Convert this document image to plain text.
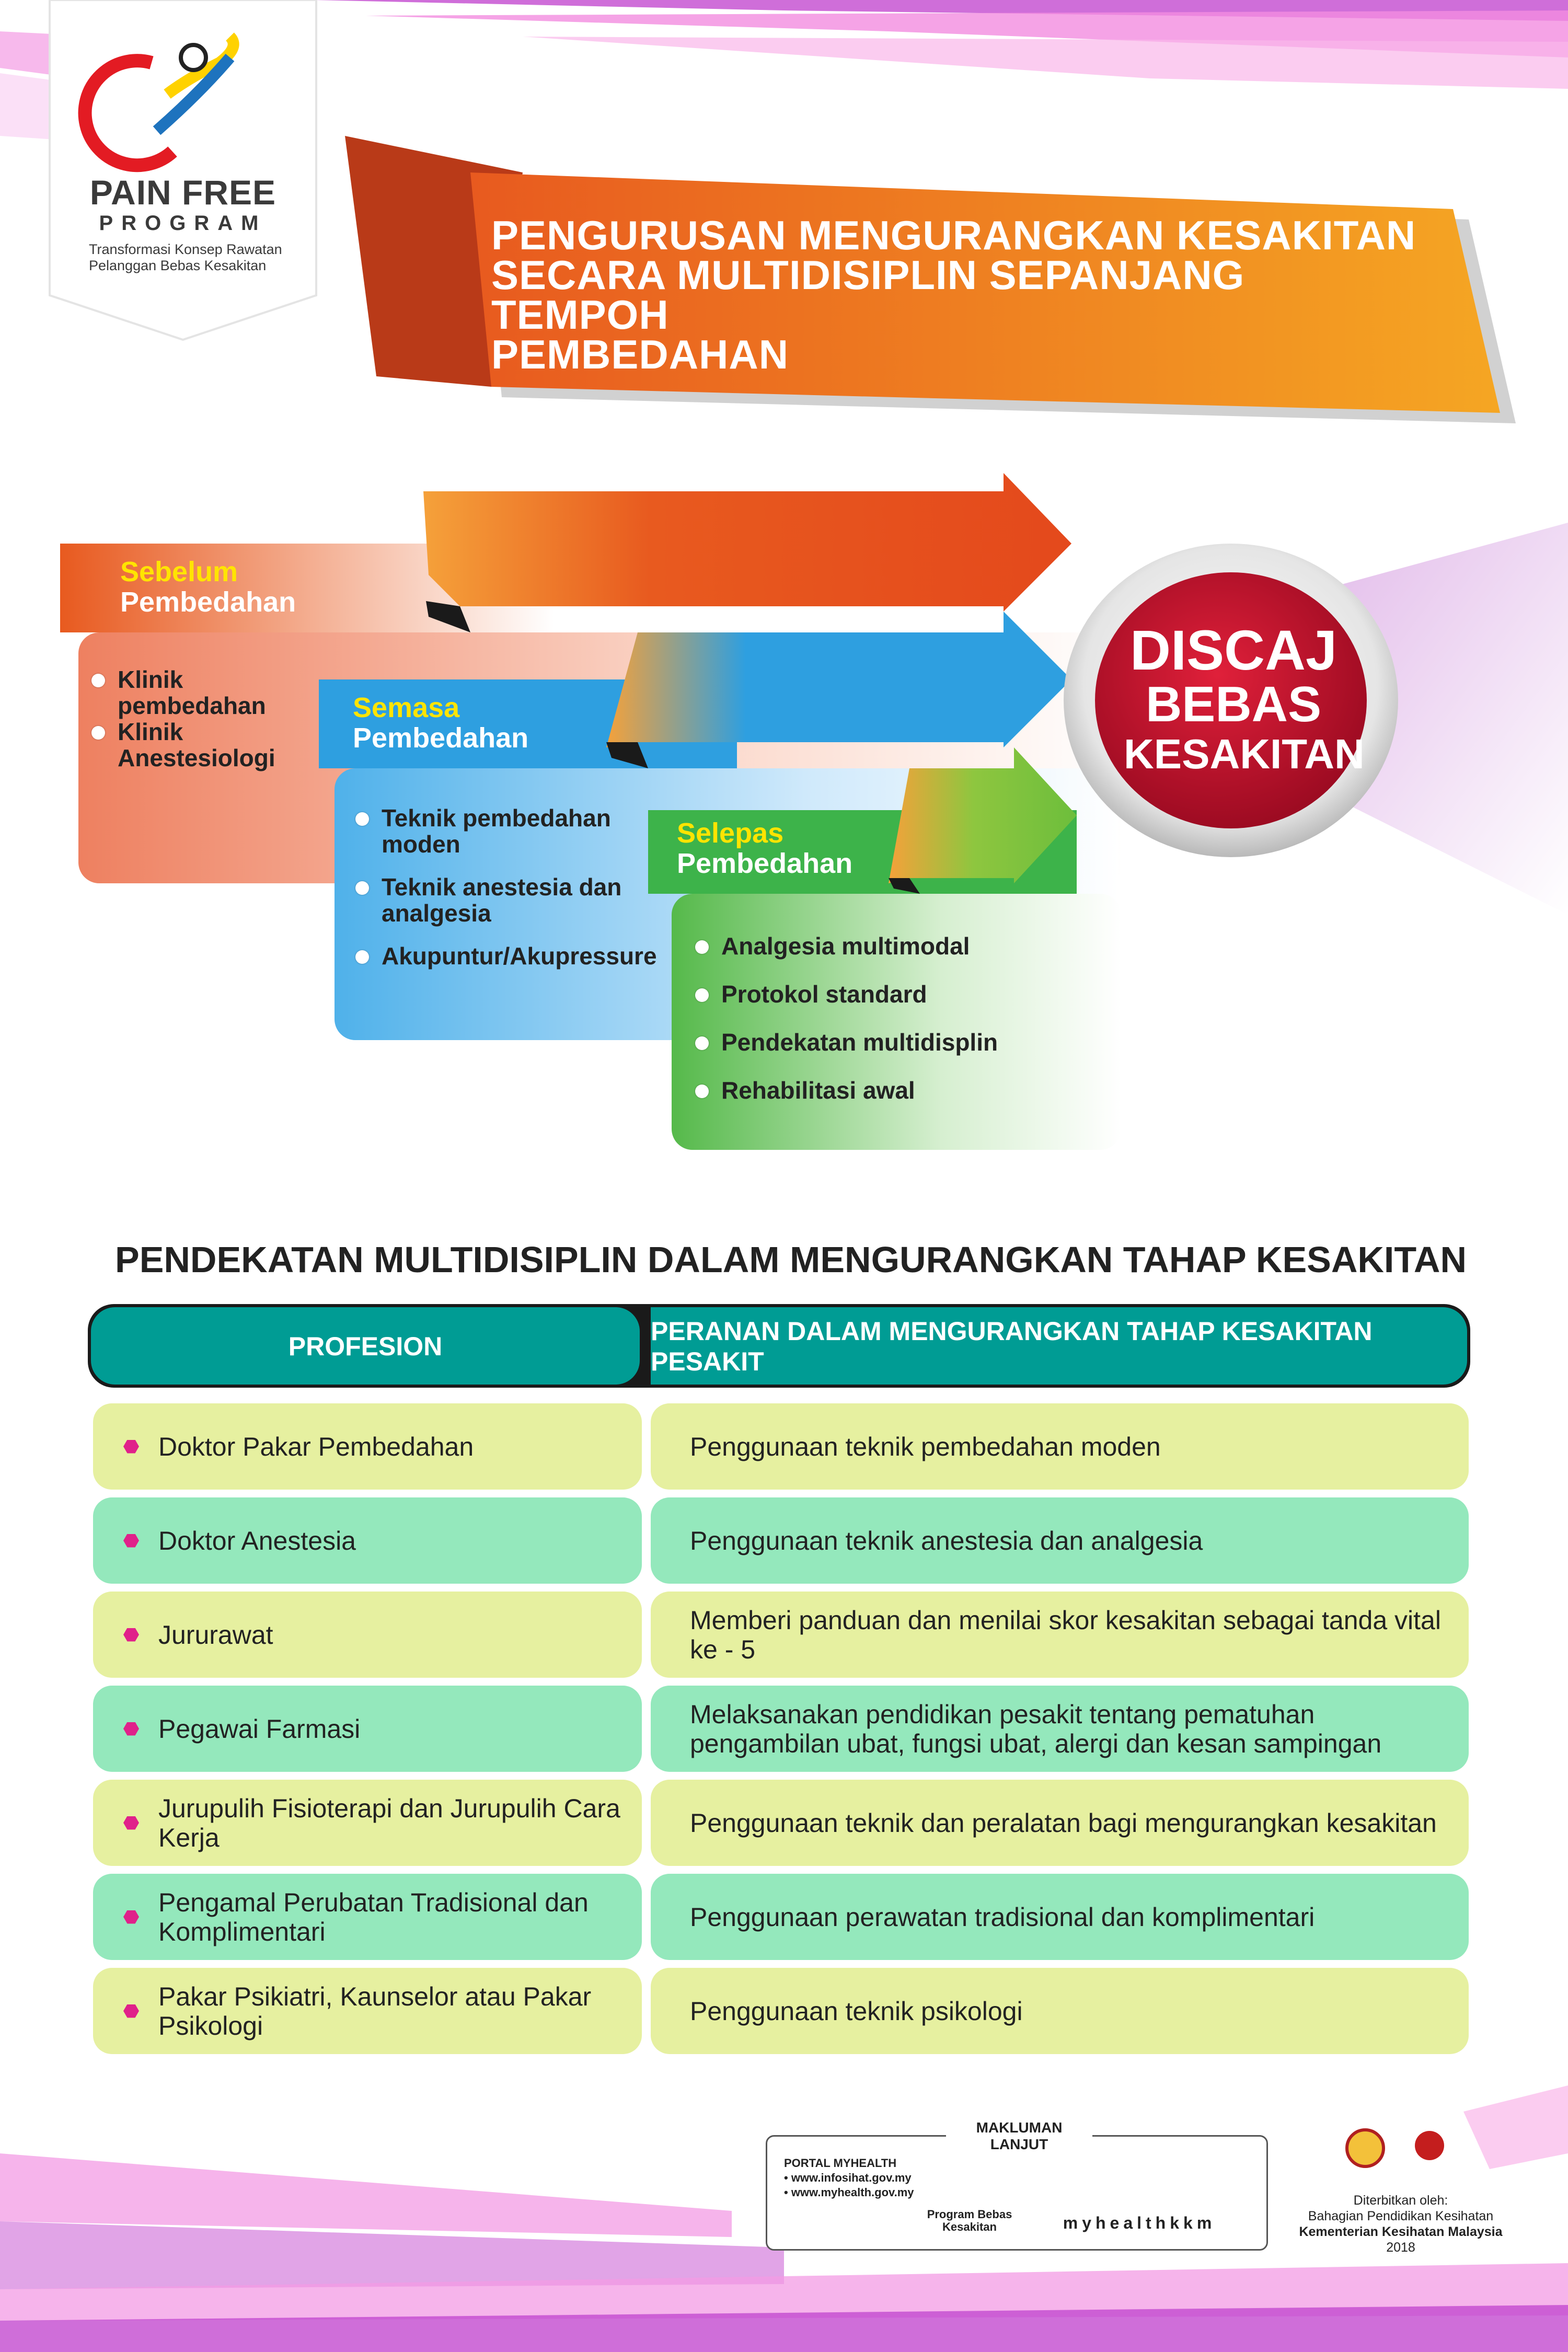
PAIN FREE
PROGRAM
Transformasi Konsep Rawatan
Pelanggan Bebas Kesakitan
PENGURUSAN MENGURANGKAN KESAKITAN
SECARA MULTIDISIPLIN SEPANJANG TEMPOH
PEMBEDAHAN
Sebelum
Pembedahan
Klinik pembedahan
Klinik Anestesiologi
Semasa
Pembedahan
Teknik pembedahan moden
Teknik anestesia dan analgesia
Akupuntur/Akupressure
Selepas
Pembedahan
Analgesia multimodal
Protokol standard
Pendekatan multidisplin
Rehabilitasi awal
DISCAJ
BEBAS
KESAKITAN
PENDEKATAN MULTIDISIPLIN DALAM MENGURANGKAN TAHAP KESAKITAN
PROFESION
PERANAN DALAM MENGURANGKAN TAHAP KESAKITAN PESAKIT
Doktor Pakar Pembedahan	Penggunaan teknik pembedahan moden
Doktor Anestesia	Penggunaan teknik anestesia dan analgesia
Jururawat	Memberi panduan dan menilai skor kesakitan sebagai tanda vital ke - 5
Pegawai Farmasi	Melaksanakan pendidikan pesakit tentang pematuhan pengambilan ubat, fungsi ubat, alergi dan kesan sampingan
Jurupulih Fisioterapi dan Jurupulih Cara Kerja	Penggunaan teknik dan peralatan bagi mengurangkan kesakitan
Pengamal Perubatan Tradisional dan Komplimentari	Penggunaan perawatan tradisional dan komplimentari
Pakar Psikiatri, Kaunselor atau Pakar Psikologi	Penggunaan teknik psikologi
MAKLUMAN LANJUT
PORTAL MYHEALTH
• www.infosihat.gov.my
• www.myhealth.gov.my
Program Bebas
Kesakitan	myhealthkkm
Diterbitkan oleh:
Bahagian Pendidikan Kesihatan
Kementerian Kesihatan Malaysia
2018
